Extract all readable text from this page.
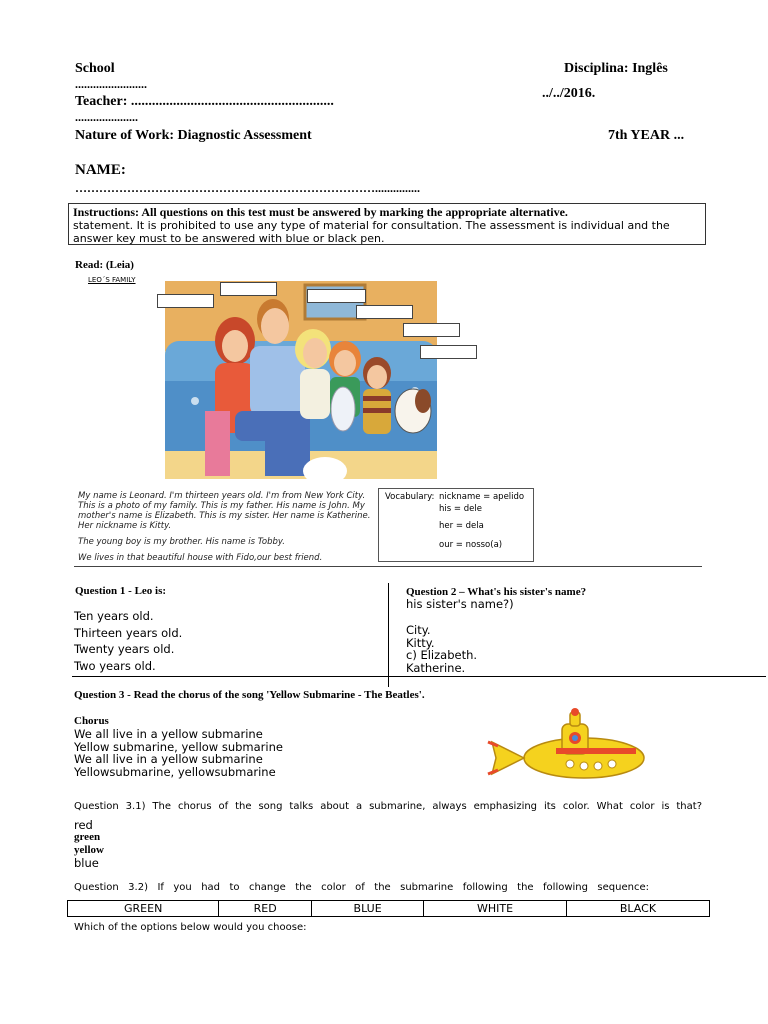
School	Disciplina: Inglês
........................
Teacher: ..........................................................
../../2016.
.....................
Nature of Work: Diagnostic Assessment	7th YEAR ...
NAME:
…………………………………………………………………...............
Instructions: All questions on this test must be answered by marking the appropriate alternative.
statement. It is prohibited to use any type of material for consultation. The assessment is individual and the answer key must to be answered with blue or black pen.
Read: (Leia)
LEO´S FAMILY

My name is Leonard. I'm thirteen years old. I'm from New York City. This is a photo of my family. This is my father. His name is John. My mother's name is Elizabeth. This is my sister. Her name is Katherine. Her nickname is Kitty.

The young boy is my brother. His name is Tobby.

We lives in that beautiful house with Fido,our best friend.

Vocabulary: nickname = apelido
his = dele
her = dela
our = nosso(a)
Question 1 - Leo is:
Ten years old.
Thirteen years old.
Twenty years old.
Two years old.
Question 2 – What's his sister's name?
his sister's name?)
City.
Kitty.
c) Elizabeth.
Katherine.
Question 3 - Read the chorus of the song 'Yellow Submarine - The Beatles'.
Chorus
We all live in a yellow submarine
Yellow submarine, yellow submarine
We all live in a yellow submarine
Yellowsubmarine, yellowsubmarine
Question 3.1) The chorus of the song talks about a submarine, always emphasizing its color. What color is that?
red
green
yellow
blue
Question 3.2) If you had to change the color of the submarine following the following sequence:
GREEN	RED	BLUE	WHITE	BLACK
Which of the options below would you choose:
